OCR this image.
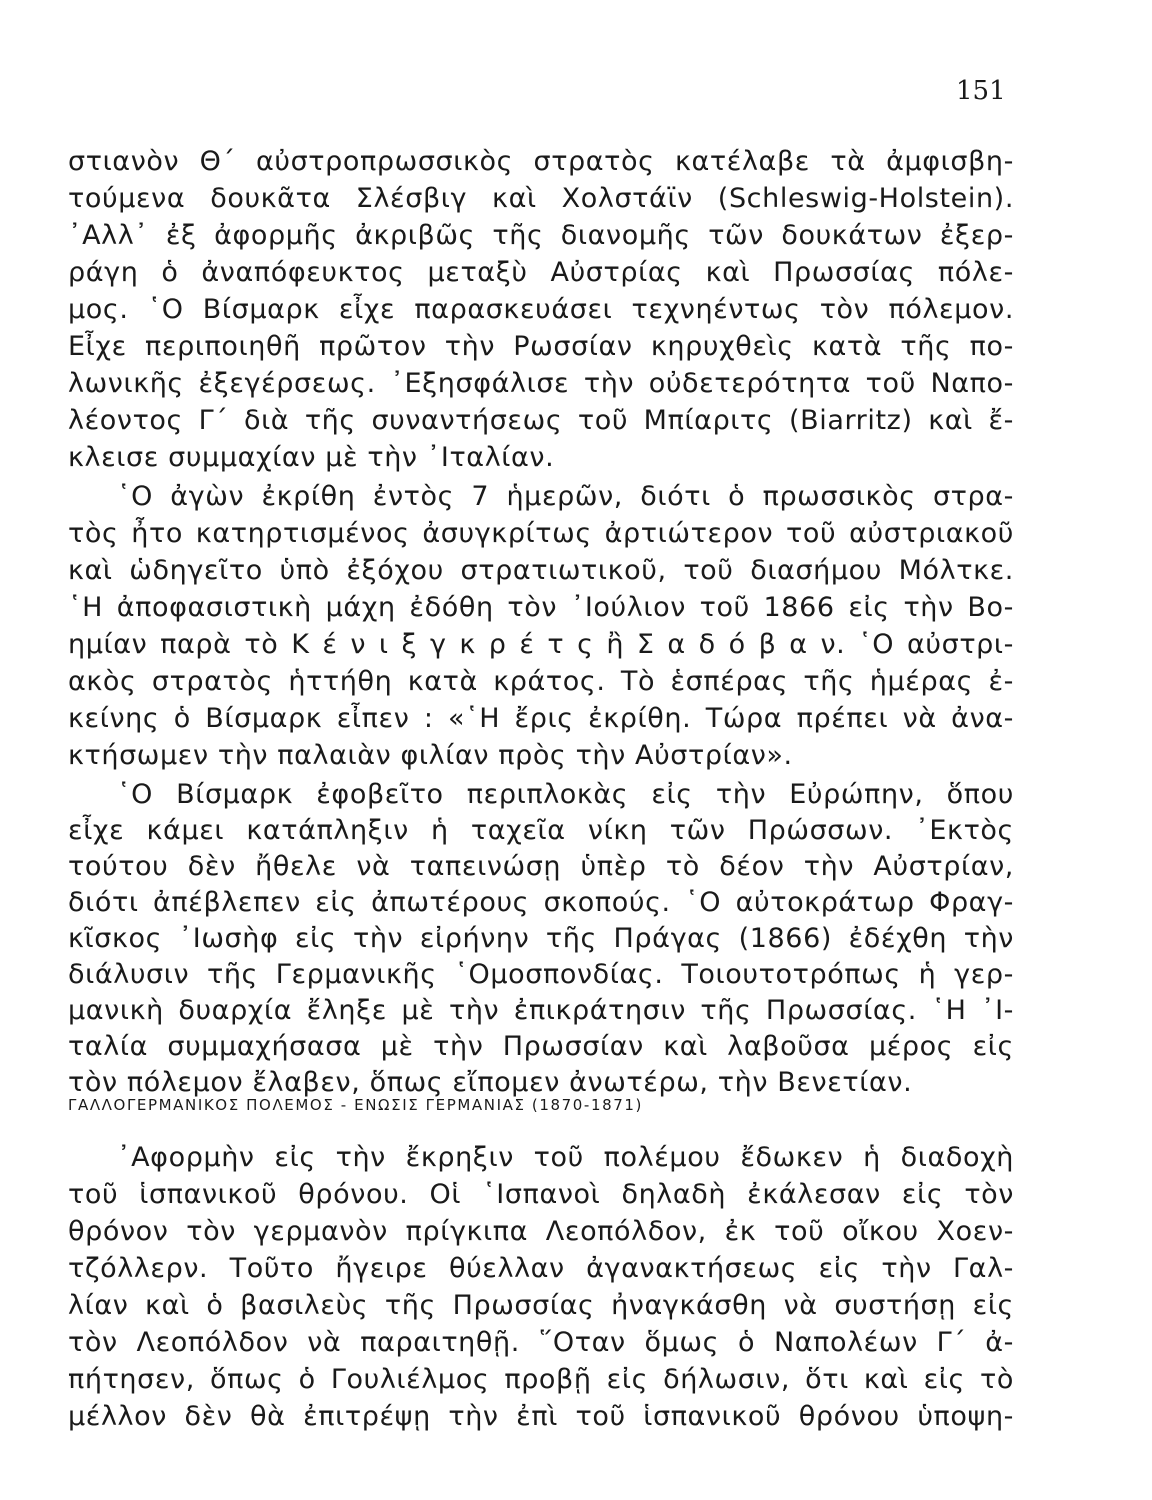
151
στιανὸν Θ΄ αὐστροπρωσσικὸς στρατὸς κατέλαβε τὰ ἀμφισβη-
τούμενα δουκᾶτα Σλέσβιγ καὶ Χολστάϊν (Schleswig-Holstein).
᾽Αλλ᾽ ἐξ ἀφορμῆς ἀκριβῶς τῆς διανομῆς τῶν δουκάτων ἐξερ-
ράγη ὁ ἀναπόφευκτος μεταξὺ Αὐστρίας καὶ Πρωσσίας πόλε-
μος. ῾Ο Βίσμαρκ εἶχε παρασκευάσει τεχνηέντως τὸν πόλεμον.
Εἶχε περιποιηθῆ πρῶτον τὴν Ρωσσίαν κηρυχθεὶς κατὰ τῆς πο-
λωνικῆς ἐξεγέρσεως. ᾽Εξησφάλισε τὴν οὐδετερότητα τοῦ Ναπο-
λέοντος Γ΄ διὰ τῆς συναντήσεως τοῦ Μπίαριτς (Biarritz) καὶ ἔ-
κλεισε συμμαχίαν μὲ τὴν ᾽Ιταλίαν.
῾Ο ἀγὼν ἐκρίθη ἐντὸς 7 ἡμερῶν, διότι ὁ πρωσσικὸς στρα-
τὸς ἦτο κατηρτισμένος ἀσυγκρίτως ἀρτιώτερον τοῦ αὐστριακοῦ
καὶ ὡδηγεῖτο ὑπὸ ἐξόχου στρατιωτικοῦ, τοῦ διασήμου Μόλτκε.
῾Η ἀποφασιστικὴ μάχη ἐδόθη τὸν ᾽Ιούλιον τοῦ 1866 εἰς τὴν Βο-
ημίαν παρὰ τὸ Κ έ ν ι ξ γ κ ρ έ τ ς ἢ Σ α δ ό β α ν. ῾Ο αὐστρι-
ακὸς στρατὸς ἡττήθη κατὰ κράτος. Τὸ ἑσπέρας τῆς ἡμέρας ἐ-
κείνης ὁ Βίσμαρκ εἶπεν : «῾Η ἔρις ἐκρίθη. Τώρα πρέπει νὰ ἀνα-
κτήσωμεν τὴν παλαιὰν φιλίαν πρὸς τὴν Αὐστρίαν».
῾Ο Βίσμαρκ ἐφοβεῖτο περιπλοκὰς εἰς τὴν Εὐρώπην, ὅπου
εἶχε κάμει κατάπληξιν ἡ ταχεῖα νίκη τῶν Πρώσσων. ᾽Εκτὸς
τούτου δὲν ἤθελε νὰ ταπεινώσῃ ὑπὲρ τὸ δέον τὴν Αὐστρίαν,
διότι ἀπέβλεπεν εἰς ἀπωτέρους σκοπούς. ῾Ο αὐτοκράτωρ Φραγ-
κῖσκος ᾽Ιωσὴφ εἰς τὴν εἰρήνην τῆς Πράγας (1866) ἐδέχθη τὴν
διάλυσιν τῆς Γερμανικῆς ῾Ομοσπονδίας. Τοιουτοτρόπως ἡ γερ-
μανικὴ δυαρχία ἔληξε μὲ τὴν ἐπικράτησιν τῆς Πρωσσίας. ῾Η ᾽Ι-
ταλία συμμαχήσασα μὲ τὴν Πρωσσίαν καὶ λαβοῦσα μέρος εἰς
ΓΑΛΛΟΓΕΡΜΑΝΙΚΟΣ ΠΟΛΕΜΟΣ - ΕΝΩΣΙΣ ΓΕΡΜΑΝΙΑΣ (1870-1871)
᾽Αφορμὴν εἰς τὴν ἔκρηξιν τοῦ πολέμου ἔδωκεν ἡ διαδοχὴ
τοῦ ἱσπανικοῦ θρόνου. Οἱ ῾Ισπανοὶ δηλαδὴ ἐκάλεσαν εἰς τὸν
θρόνον τὸν γερμανὸν πρίγκιπα Λεοπόλδον, ἐκ τοῦ οἴκου Χοεν-
τζόλλερν. Τοῦτο ἤγειρε θύελλαν ἀγανακτήσεως εἰς τὴν Γαλ-
λίαν καὶ ὁ βασιλεὺς τῆς Πρωσσίας ἠναγκάσθη νὰ συστήσῃ εἰς
τὸν Λεοπόλδον νὰ παραιτηθῇ. ῞Οταν ὅμως ὁ Ναπολέων Γ΄ ἀ-
πήτησεν, ὅπως ὁ Γουλιέλμος προβῇ εἰς δήλωσιν, ὅτι καὶ εἰς τὸ
μέλλον δὲν θὰ ἐπιτρέψῃ τὴν ἐπὶ τοῦ ἱσπανικοῦ θρόνου ὑποψη-
τὸν πόλεμον ἔλαβεν, ὅπως εἴπομεν ἀνωτέρω, τὴν Βενετίαν.
